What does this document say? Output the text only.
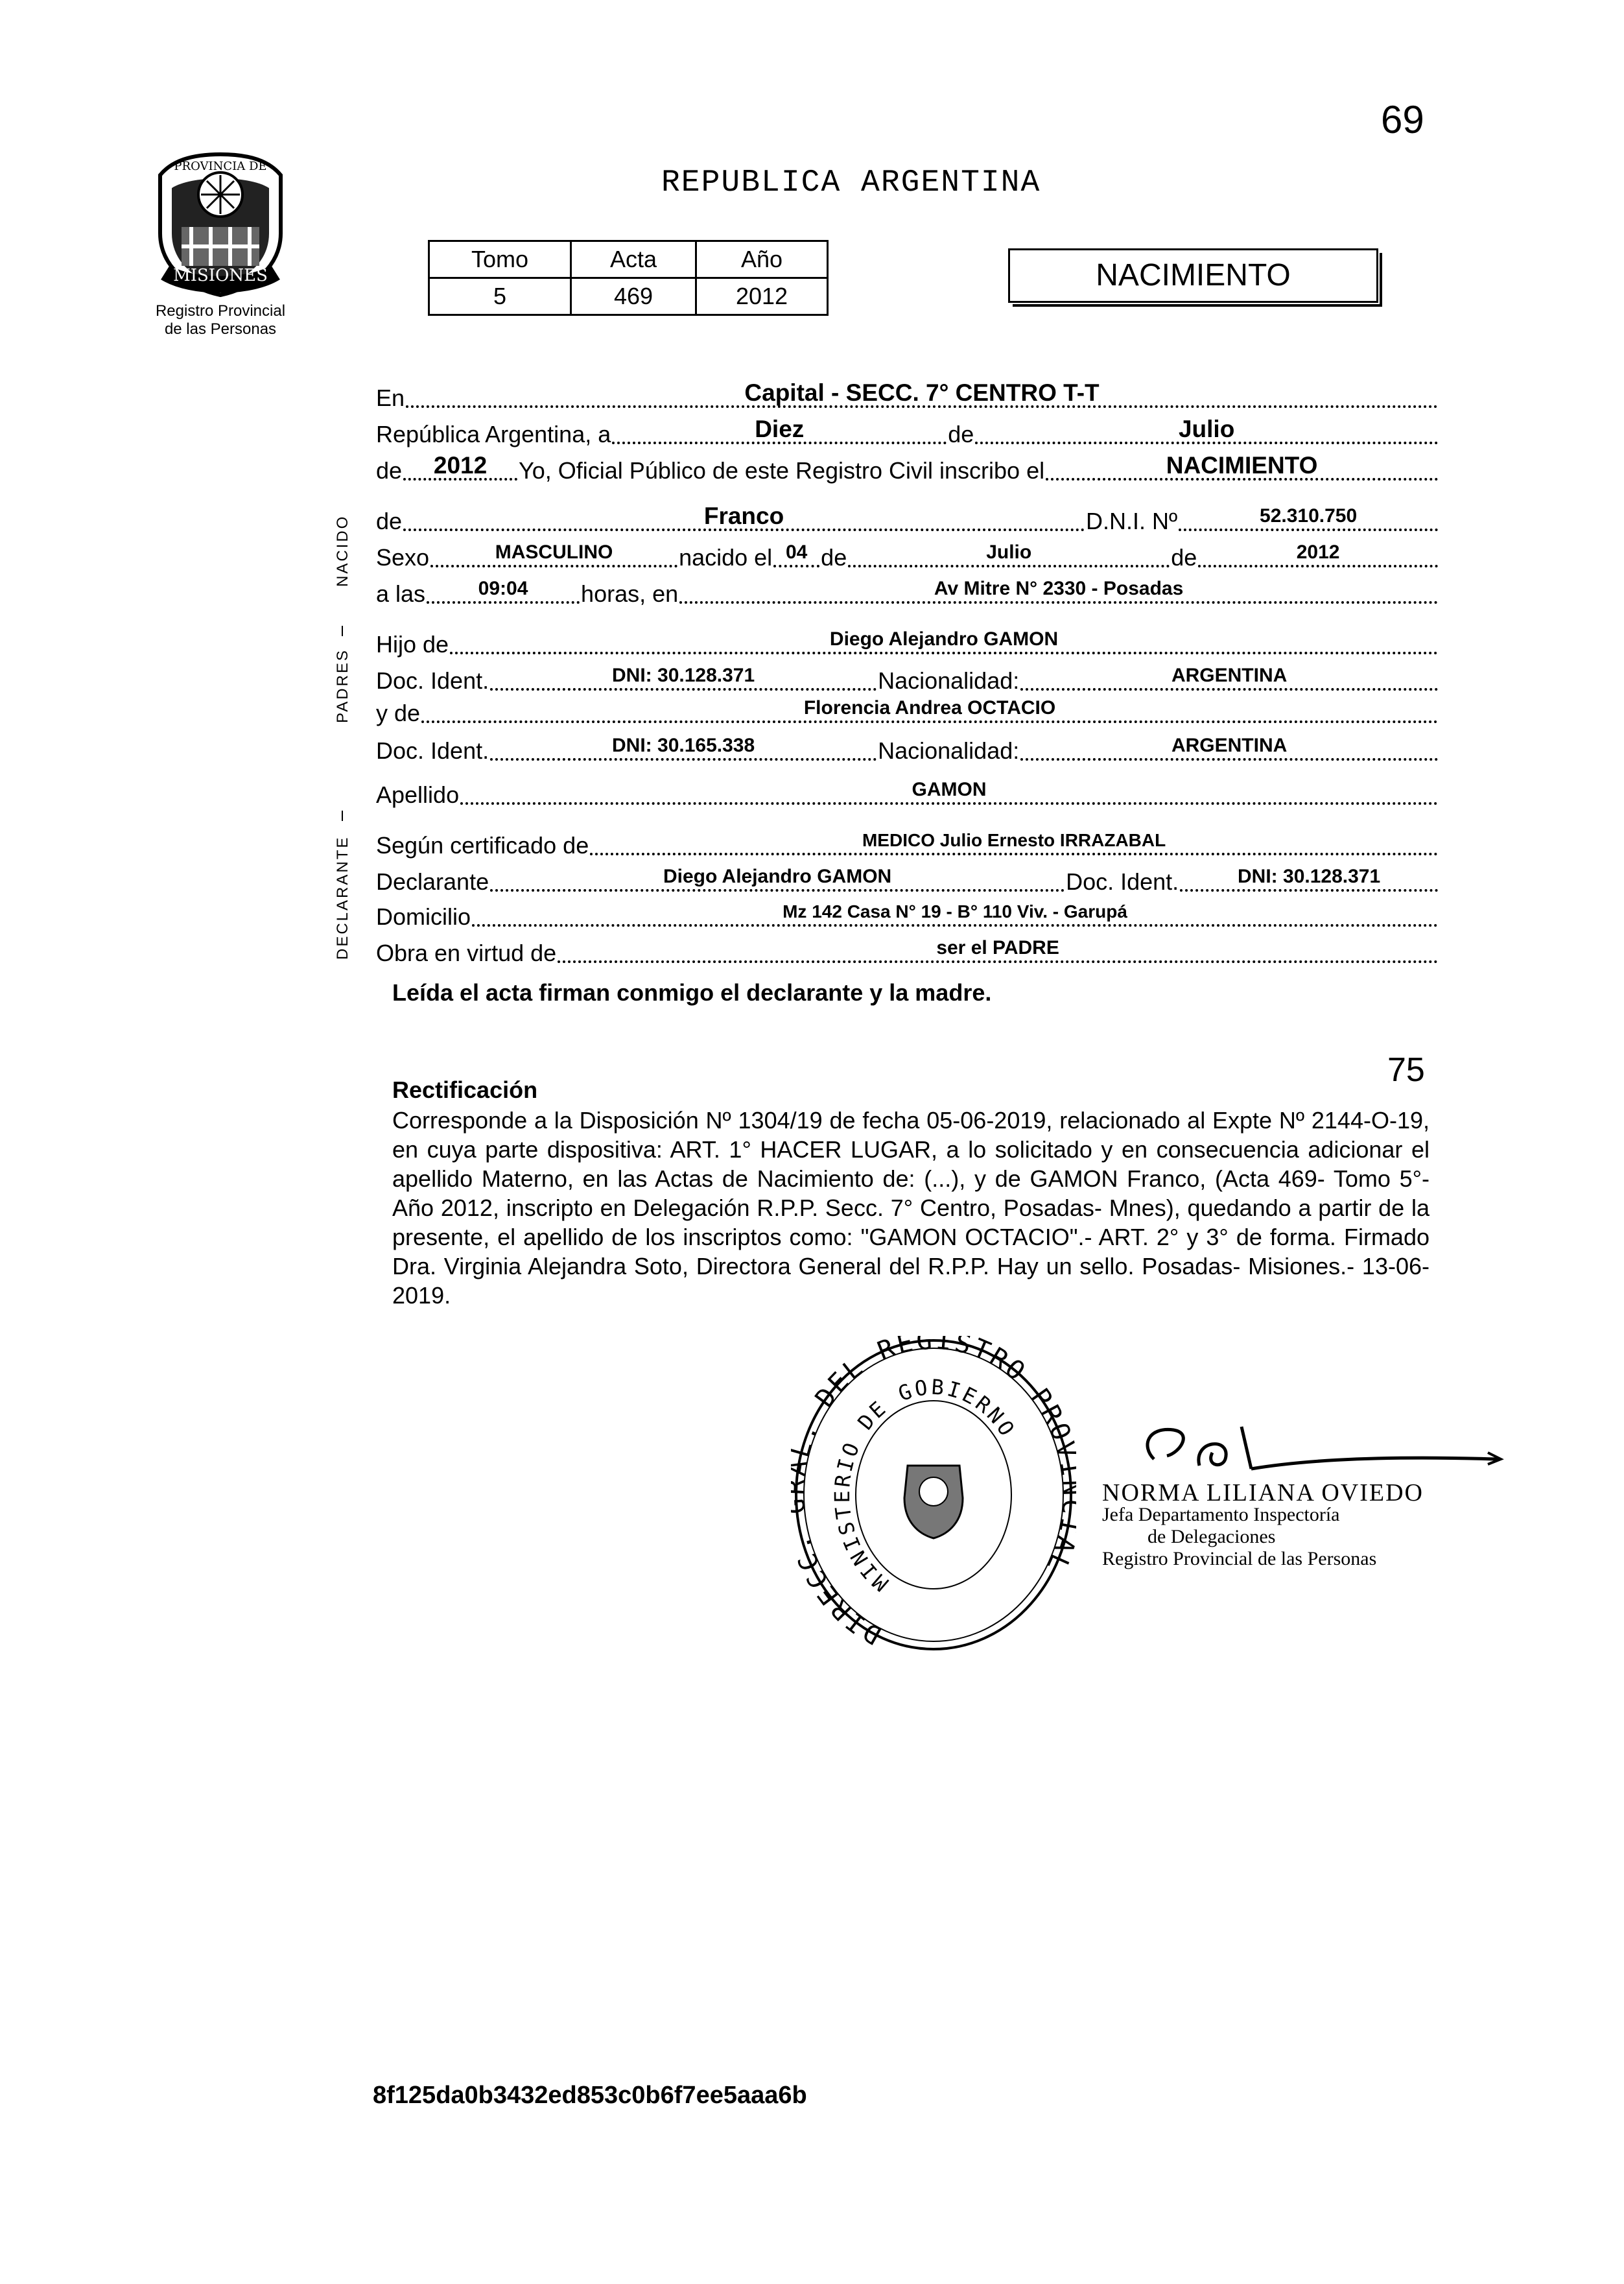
69
MISIONES
PROVINCIA DE
Registro Provincial
de las Personas
REPUBLICA ARGENTINA
Tomo	Acta	Año
5	469	2012
NACIMIENTO
NACIDO
PADRES
DECLARANTE
En	Capital - SECC. 7° CENTRO T-T
República Argentina, a	Diez	de	Julio
de	2012	Yo, Oficial Público de este Registro Civil inscribo el	NACIMIENTO
de	Franco	D.N.I. Nº	52.310.750
Sexo	MASCULINO	nacido el 04 de	Julio	de	2012
a las	09:04	horas, en	Av Mitre N° 2330 - Posadas
Hijo de	Diego Alejandro GAMON
Doc. Ident.	DNI: 30.128.371	Nacionalidad:	ARGENTINA
y de	Florencia Andrea OCTACIO
Doc. Ident.	DNI: 30.165.338	Nacionalidad:	ARGENTINA
Apellido	GAMON
Según certificado de	MEDICO Julio Ernesto IRRAZABAL
Declarante	Diego Alejandro GAMON	Doc. Ident.	DNI: 30.128.371
Domicilio	Mz 142 Casa N° 19 - B° 110 Viv. - Garupá
Obra en virtud de	ser el PADRE
Leída el acta firman conmigo el declarante y la madre.
75
Rectificación
Corresponde a la Disposición Nº 1304/19 de fecha 05-06-2019, relacionado al Expte Nº 2144-O-19, en cuya parte dispositiva: ART. 1° HACER LUGAR, a lo solicitado y en consecuencia adicionar el apellido Materno, en las Actas de Nacimiento de: (...), y de GAMON Franco, (Acta 469- Tomo 5°- Año 2012, inscripto en Delegación R.P.P. Secc. 7° Centro, Posadas- Mnes), quedando a partir de la presente, el apellido de los inscriptos como: "GAMON OCTACIO".- ART. 2° y 3° de forma. Firmado Dra. Virginia Alejandra Soto, Directora General del R.P.P. Hay un sello. Posadas- Misiones.- 13-06-2019.
DIRECC . DEL REGISTRO PRO L
MINISTERIO DE GOBIERNO
NORMA LILIANA OVIEDO
Jefa Departamento Inspectoría
de Delegaciones
Registro Provincial de las Personas
8f125da0b3432ed853c0b6f7ee5aaa6b
